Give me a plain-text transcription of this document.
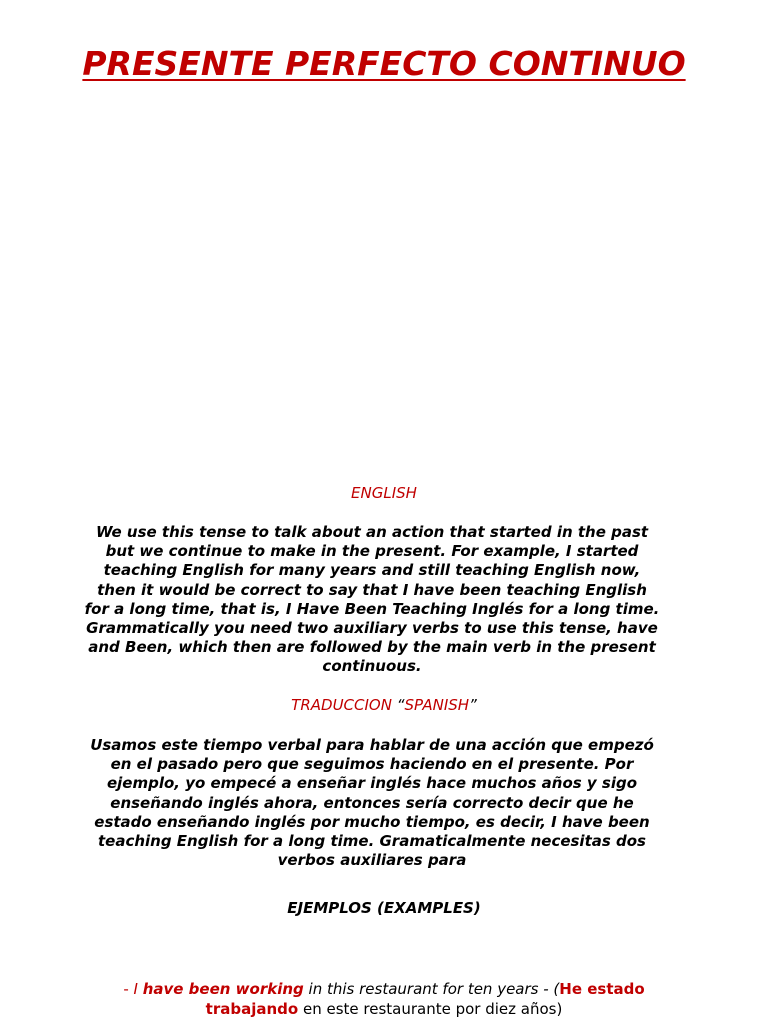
PRESENTE PERFECTO CONTINUO
ENGLISH

We use this tense to talk about an action that started in the past but we continue to make in the present. For example, I started teaching English for many years and still teaching English now, then it would be correct to say that I have been teaching English for a long time, that is, I Have Been Teaching Inglés for a long time. Grammatically you need two auxiliary verbs to use this tense, have and Been, which then are followed by the main verb in the present continuous.

TRADUCCION “SPANISH”

Usamos este tiempo verbal para hablar de una acción que empezó en el pasado pero que seguimos haciendo en el presente. Por ejemplo, yo empecé a enseñar inglés hace muchos años y sigo enseñando inglés ahora, entonces sería correcto decir que he estado enseñando inglés por mucho tiempo, es decir, I have been teaching English for a long time. Gramaticalmente necesitas dos verbos auxiliares para

EJEMPLOS (EXAMPLES)
- I have been working in this restaurant for ten years - (He estado trabajando en este restaurante por diez años)
